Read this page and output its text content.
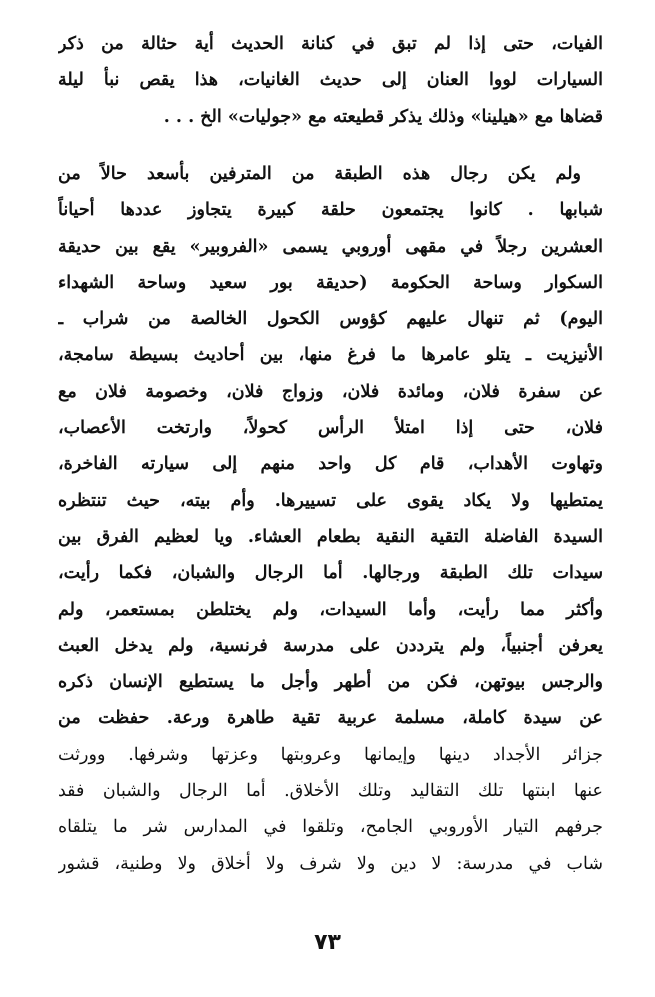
الفيات، حتى إذا لم تبق في كنانة الحديث أية حثالة من ذكر
السيارات لووا العنان إلى حديث الغانيات، هذا يقص نبأ ليلة
قضاها مع «هيلينا» وذلك يذكر قطيعته مع «جوليات» الخ . . .
ولم يكن رجال هذه الطبقة من المترفين بأسعد حالاً من
شبابها . كانوا يجتمعون حلقة كبيرة يتجاوز عددها أحياناً
العشرين رجلاً في مقهى أوروبي يسمى «الفروبير» يقع بين حديقة
السكوار وساحة الحكومة (حديقة بور سعيد وساحة الشهداء
اليوم) ثم تنهال عليهم كؤوس الكحول الخالصة من شراب ـ
الأنيزيت ـ يتلو عامرها ما فرغ منها، بين أحاديث بسيطة سامجة،
عن سفرة فلان، ومائدة فلان، وزواج فلان، وخصومة فلان مع
فلان، حتى إذا امتلأ الرأس كحولاً، وارتخت الأعصاب،
وتهاوت الأهداب، قام كل واحد منهم إلى سيارته الفاخرة،
يمتطيها ولا يكاد يقوى على تسييرها. وأم بيته، حيث تنتظره
السيدة الفاضلة التقية النقية بطعام العشاء. ويا لعظيم الفرق بين
سيدات تلك الطبقة ورجالها. أما الرجال والشبان، فكما رأيت،
وأكثر مما رأيت، وأما السيدات، ولم يختلطن بمستعمر، ولم
يعرفن أجنبياً، ولم يترددن على مدرسة فرنسية، ولم يدخل العبث
والرجس بيوتهن، فكن من أطهر وأجل ما يستطيع الإنسان ذكره
عن سيدة كاملة، مسلمة عربية تقية طاهرة ورعة. حفظت من
جزائر الأجداد دينها وإيمانها وعروبتها وعزتها وشرفها. وورثت
عنها ابنتها تلك التقاليد وتلك الأخلاق. أما الرجال والشبان فقد
جرفهم التيار الأوروبي الجامح، وتلقوا في المدارس شر ما يتلقاه
شاب في مدرسة: لا دين ولا شرف ولا أخلاق ولا وطنية، قشور
٧٣
